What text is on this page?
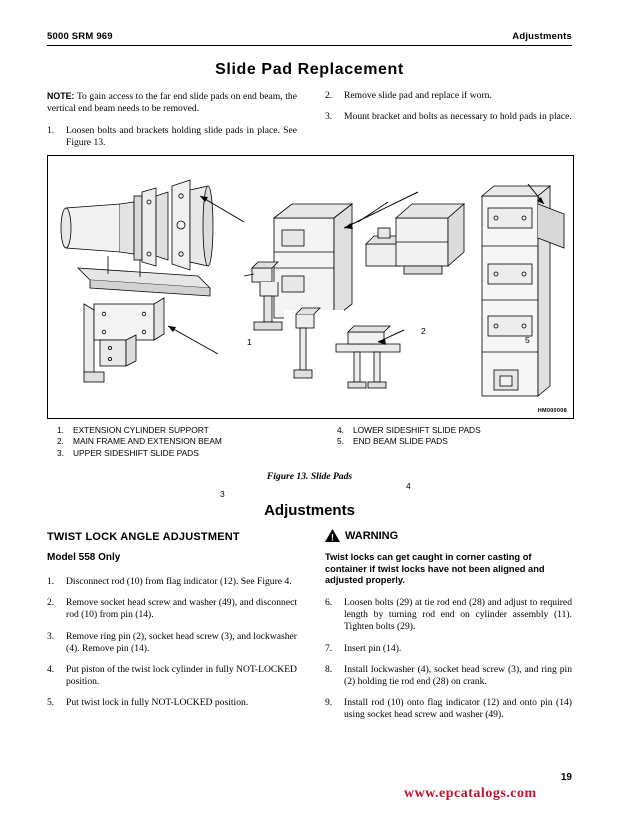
5000 SRM 969	Adjustments
Slide Pad Replacement
NOTE: To gain access to the far end slide pads on end beam, the vertical end beam needs to be removed.
1.	Loosen bolts and brackets holding slide pads in place. See Figure 13.
2.	Remove slide pad and replace if worn.
3.	Mount bracket and bolts as necessary to hold pads in place.
1
2
3
4
5
HM000008
1.	EXTENSION CYLINDER SUPPORT
2.	MAIN FRAME AND EXTENSION BEAM
3.	UPPER SIDESHIFT SLIDE PADS
4.	LOWER SIDESHIFT SLIDE PADS
5.	END BEAM SLIDE PADS
Figure 13. Slide Pads
Adjustments
TWIST LOCK ANGLE ADJUSTMENT
Model 558 Only
1.	Disconnect rod (10) from flag indicator (12). See Figure 4.
2.	Remove socket head screw and washer (49), and disconnect rod (10) from pin (14).
3.	Remove ring pin (2), socket head screw (3), and lockwasher (4). Remove pin (14).
4.	Put piston of the twist lock cylinder in fully NOT-LOCKED position.
5.	Put twist lock in fully NOT-LOCKED position.
! WARNING
Twist locks can get caught in corner casting of container if twist locks have not been aligned and adjusted properly.
6.	Loosen bolts (29) at tie rod end (28) and adjust to required length by turning rod end on cylinder assembly (11). Tighten bolts (29).
7.	Insert pin (14).
8.	Install lockwasher (4), socket head screw (3), and ring pin (2) holding tie rod end (28) on crank.
9.	Install rod (10) onto flag indicator (12) and onto pin (14) using socket head screw and washer (49).
19
www.epcatalogs.com
